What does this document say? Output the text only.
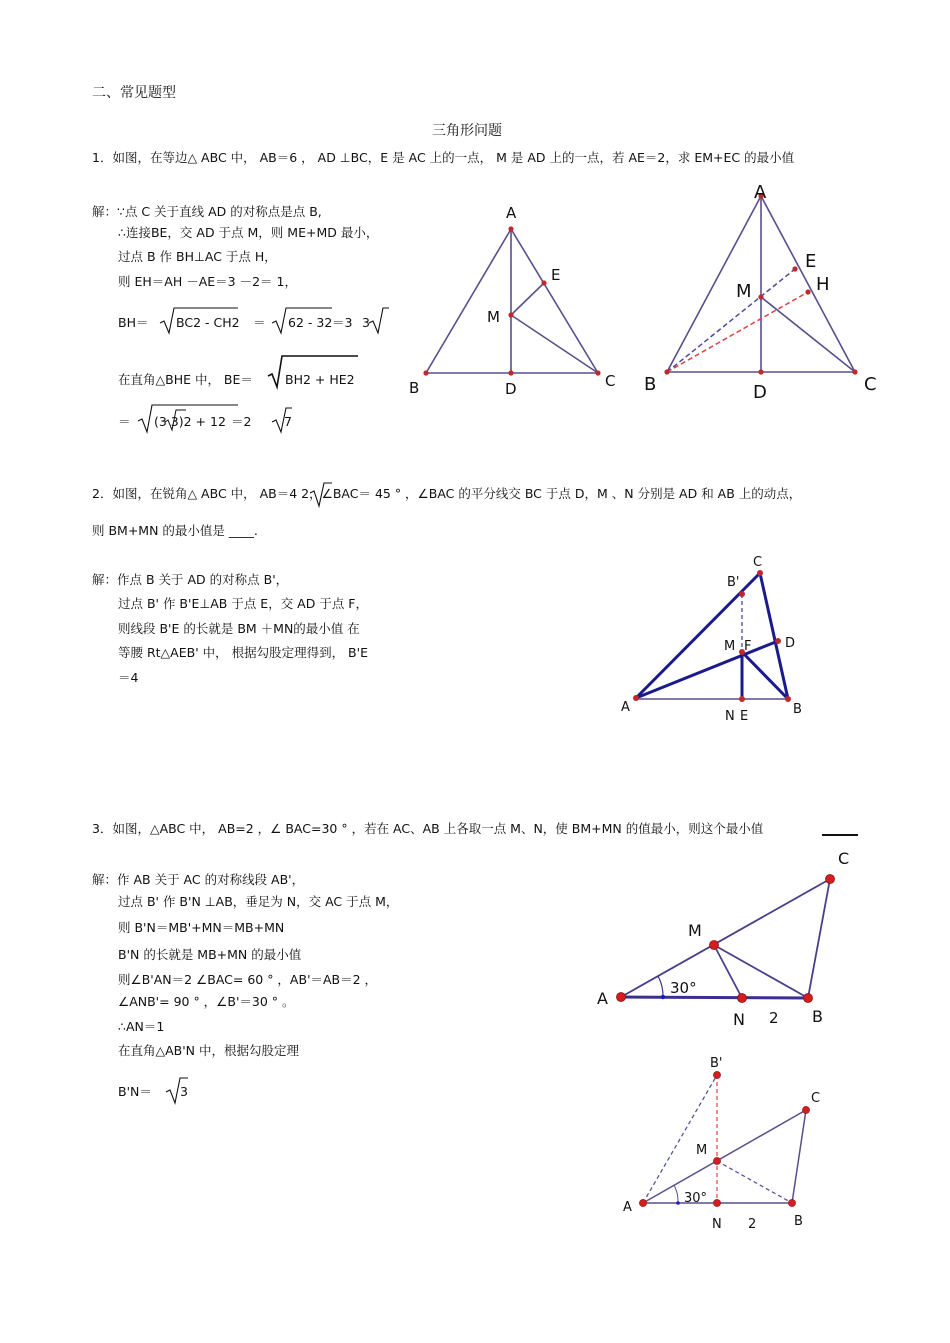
二、常见题型
三角形问题
1．如图，在等边△ ABC 中， AB＝6 ， AD ⊥BC，E 是 AC 上的一点， M 是 AD 上的一点，若 AE＝2，求 EM+EC 的最小值
解：∵点 C 关于直线 AD 的对称点是点 B,
∴连接BE，交 AD 于点 M，则 ME+MD 最小，
过点 B 作 BH⊥AC 于点 H，
则 EH＝AH －AE＝3 －2＝ 1，
BH＝ BC2 - CH2 ＝ 62 - 32 ＝3 3
在直角△BHE 中， BE＝	BH2 + HE2
＝ (3 3)2 + 12 ＝2	7
A
B	C
D
E
M
A
B	C
D
E
M	H
2．如图，在锐角△ ABC 中， AB＝4 2，∠BAC＝ 45 ° ，∠BAC 的平分线交 BC 于点 D，M 、N 分别是 AD 和 AB 上的动点，
则 BM+MN 的最小值是 ____.
解：作点 B 关于 AD 的对称点 B'，
过点 B' 作 B'E⊥AB 于点 E，交 AD 于点 F，
则线段 B'E 的长就是 BM ＋MN的最小值 在
等腰 Rt△AEB' 中， 根据勾股定理得到， B'E
＝4
A	B
C
D
B'
M F
N E
3．如图，△ABC 中， AB=2 ，∠ BAC=30 ° ，若在 AC、AB 上各取一点 M、N，使 BM+MN 的值最小，则这个最小值
解：作 AB 关于 AC 的对称线段 AB'，
过点 B' 作 B'N ⊥AB，垂足为 N，交 AC 于点 M，
则 B'N＝MB'+MN＝MB+MN
B'N 的长就是 MB+MN 的最小值
则∠B'AN＝2 ∠BAC= 60 ° ，AB'＝AB＝2 ，
∠ANB'= 90 ° ，∠B'＝30 ° 。
∴AN＝1
在直角△AB'N 中，根据勾股定理
B'N＝ 3
A
B
C
M
N
30°
2
A
B
C
M
N
B'
30°
2
